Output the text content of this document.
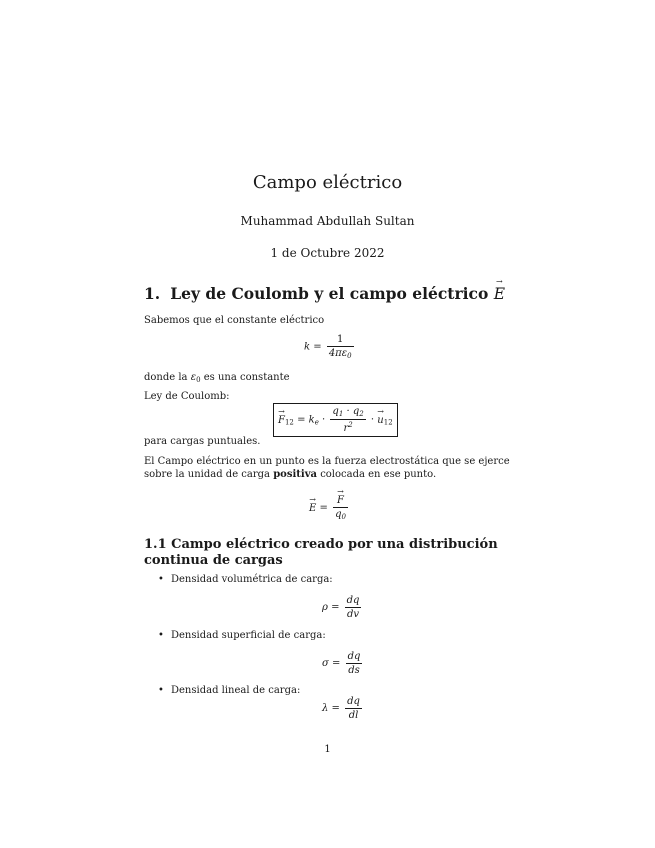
Campo eléctrico
Muhammad Abdullah Sultan
1 de Octubre 2022
1. Ley de Coulomb y el campo eléctrico → E
Sabemos que el constante eléctrico
$k = \frac{1}{4\pi\varepsilon_0}$
donde la $\varepsilon_0$ es una constante
Ley de Coulomb:
→ $F_{12} = k_e \cdot \frac{q_1 \cdot q_2}{r^2}$ · → $u_{12}$
para cargas puntuales.
El Campo eléctrico en un punto es la fuerza electrostática que se ejerce sobre la unidad de carga positiva colocada en ese punto.
→ E = → $\frac{F}{q_0}$
1.1 Campo eléctrico creado por una distribución continua de cargas
• Densidad volumétrica de carga:
$\rho = \frac{dq}{dv}$
• Densidad superficial de carga:
$\sigma = \frac{dq}{ds}$
• Densidad lineal de carga:
$\lambda = \frac{dq}{dl}$
1
